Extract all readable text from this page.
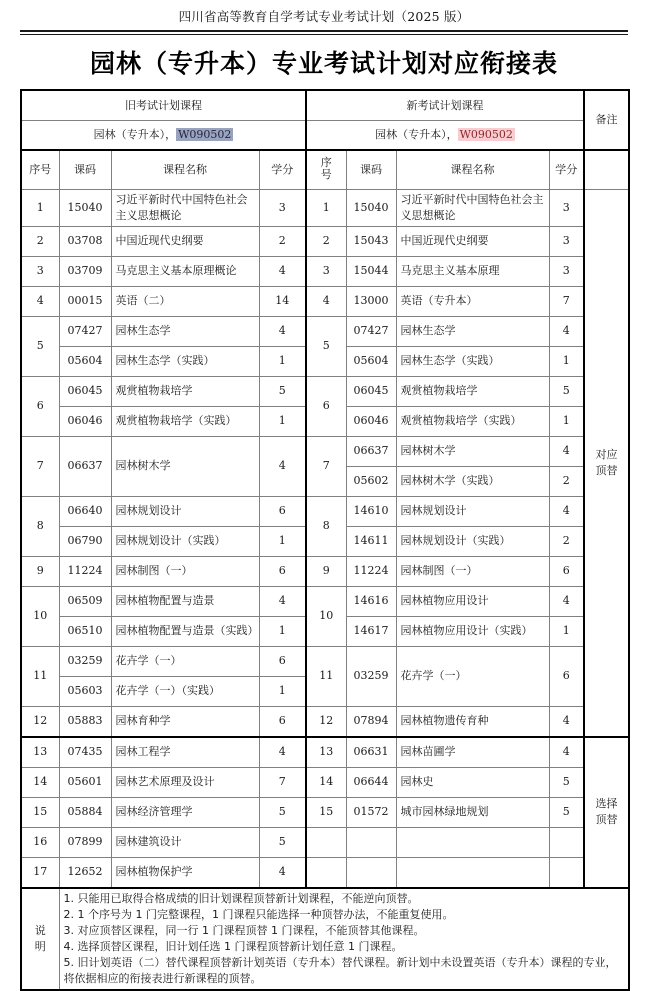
四川省高等教育自学考试专业考试计划（2025 版）
园林（专升本）专业考试计划对应衔接表
旧考试计划课程				新考试计划课程				备注
园林（专升本）， W090502				园林（专升本）， W090502				
序号	课码	课程名称	学分	序
号	课码	课程名称	学分	
1	15040	习近平新时代中国特色社会主义思想概论	3	1	15040	习近平新时代中国特色社会主义思想概论	3	对应
顶替
2	03708	中国近现代史纲要	2	2	15043	中国近现代史纲要	3	
3	03709	马克思主义基本原理概论	4	3	15044	马克思主义基本原理	3	
4	00015	英语（二）	14	4	13000	英语（专升本）	7	
5	07427	园林生态学	4	5	07427	园林生态学	4	
	05604	园林生态学（实践）	1		05604	园林生态学（实践）	1	
6	06045	观赏植物栽培学	5	6	06045	观赏植物栽培学	5	
	06046	观赏植物栽培学（实践）	1		06046	观赏植物栽培学（实践）	1	
7	06637	园林树木学	4	7	06637	园林树木学	4	
					05602	园林树木学（实践）	2	
8	06640	园林规划设计	6	8	14610	园林规划设计	4	
	06790	园林规划设计（实践）	1		14611	园林规划设计（实践）	2	
9	11224	园林制图（一）	6	9	11224	园林制图（一）	6	
10	06509	园林植物配置与造景	4	10	14616	园林植物应用设计	4	
	06510	园林植物配置与造景（实践）	1		14617	园林植物应用设计（实践）	1	
11	03259	花卉学（一）	6	11	03259	花卉学（一）	6	
	05603	花卉学（一）（实践）	1					
12	05883	园林育种学	6	12	07894	园林植物遗传育种	4	
13	07435	园林工程学	4	13	06631	园林苗圃学	4	选择
顶替
14	05601	园林艺术原理及设计	7	14	06644	园林史	5	
15	05884	园林经济管理学	5	15	01572	城市园林绿地规划	5	
16	07899	园林建筑设计	5					
17	12652	园林植物保护学	4					
说
明	
1. 只能用已取得合格成绩的旧计划课程顶替新计划课程，不能逆向顶替。
2. 1 个序号为 1 门完整课程，1 门课程只能选择一种顶替办法，不能重复使用。
3. 对应顶替区课程，同一行 1 门课程顶替 1 门课程，不能顶替其他课程。
4. 选择顶替区课程，旧计划任选 1 门课程顶替新计划任意 1 门课程。
5. 旧计划英语（二）替代课程顶替新计划英语（专升本）替代课程。新计划中未设置英语（专升本）课程的专业，将依据相应的衔接表进行新课程的顶替。
